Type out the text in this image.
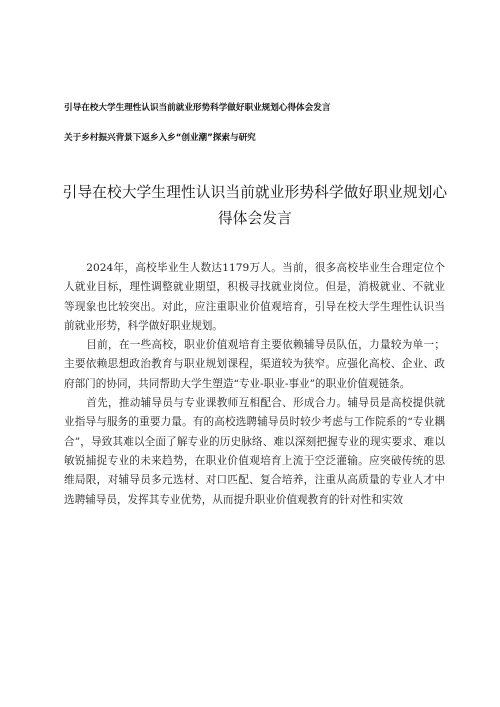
引导在校大学生理性认识当前就业形势科学做好职业规划心得体会发言
关于乡村振兴背景下返乡入乡“创业潮”探索与研究
引导在校大学生理性认识当前就业形势科学做好职业规划心得体会发言

2024年，高校毕业生人数达1179万人。当前，很多高校毕业生合理定位个人就业目标，理性调整就业期望，积极寻找就业岗位。但是，消极就业、不就业等现象也比较突出。对此，应注重职业价值观培育，引导在校大学生理性认识当前就业形势，科学做好职业规划。

目前，在一些高校，职业价值观培育主要依赖辅导员队伍，力量较为单一；主要依赖思想政治教育与职业规划课程，渠道较为狭窄。应强化高校、企业、政府部门的协同，共同帮助大学生塑造“专业-职业-事业”的职业价值观链条。

首先，推动辅导员与专业课教师互相配合、形成合力。辅导员是高校提供就业指导与服务的重要力量。有的高校选聘辅导员时较少考虑与工作院系的“专业耦合”，导致其难以全面了解专业的历史脉络、难以深刻把握专业的现实要求、难以敏锐捕捉专业的未来趋势，在职业价值观培育上流于空泛灌输。应突破传统的思维局限，对辅导员多元选材、对口匹配、复合培养，注重从高质量的专业人才中选聘辅导员，发挥其专业优势，从而提升职业价值观教育的针对性和实效
